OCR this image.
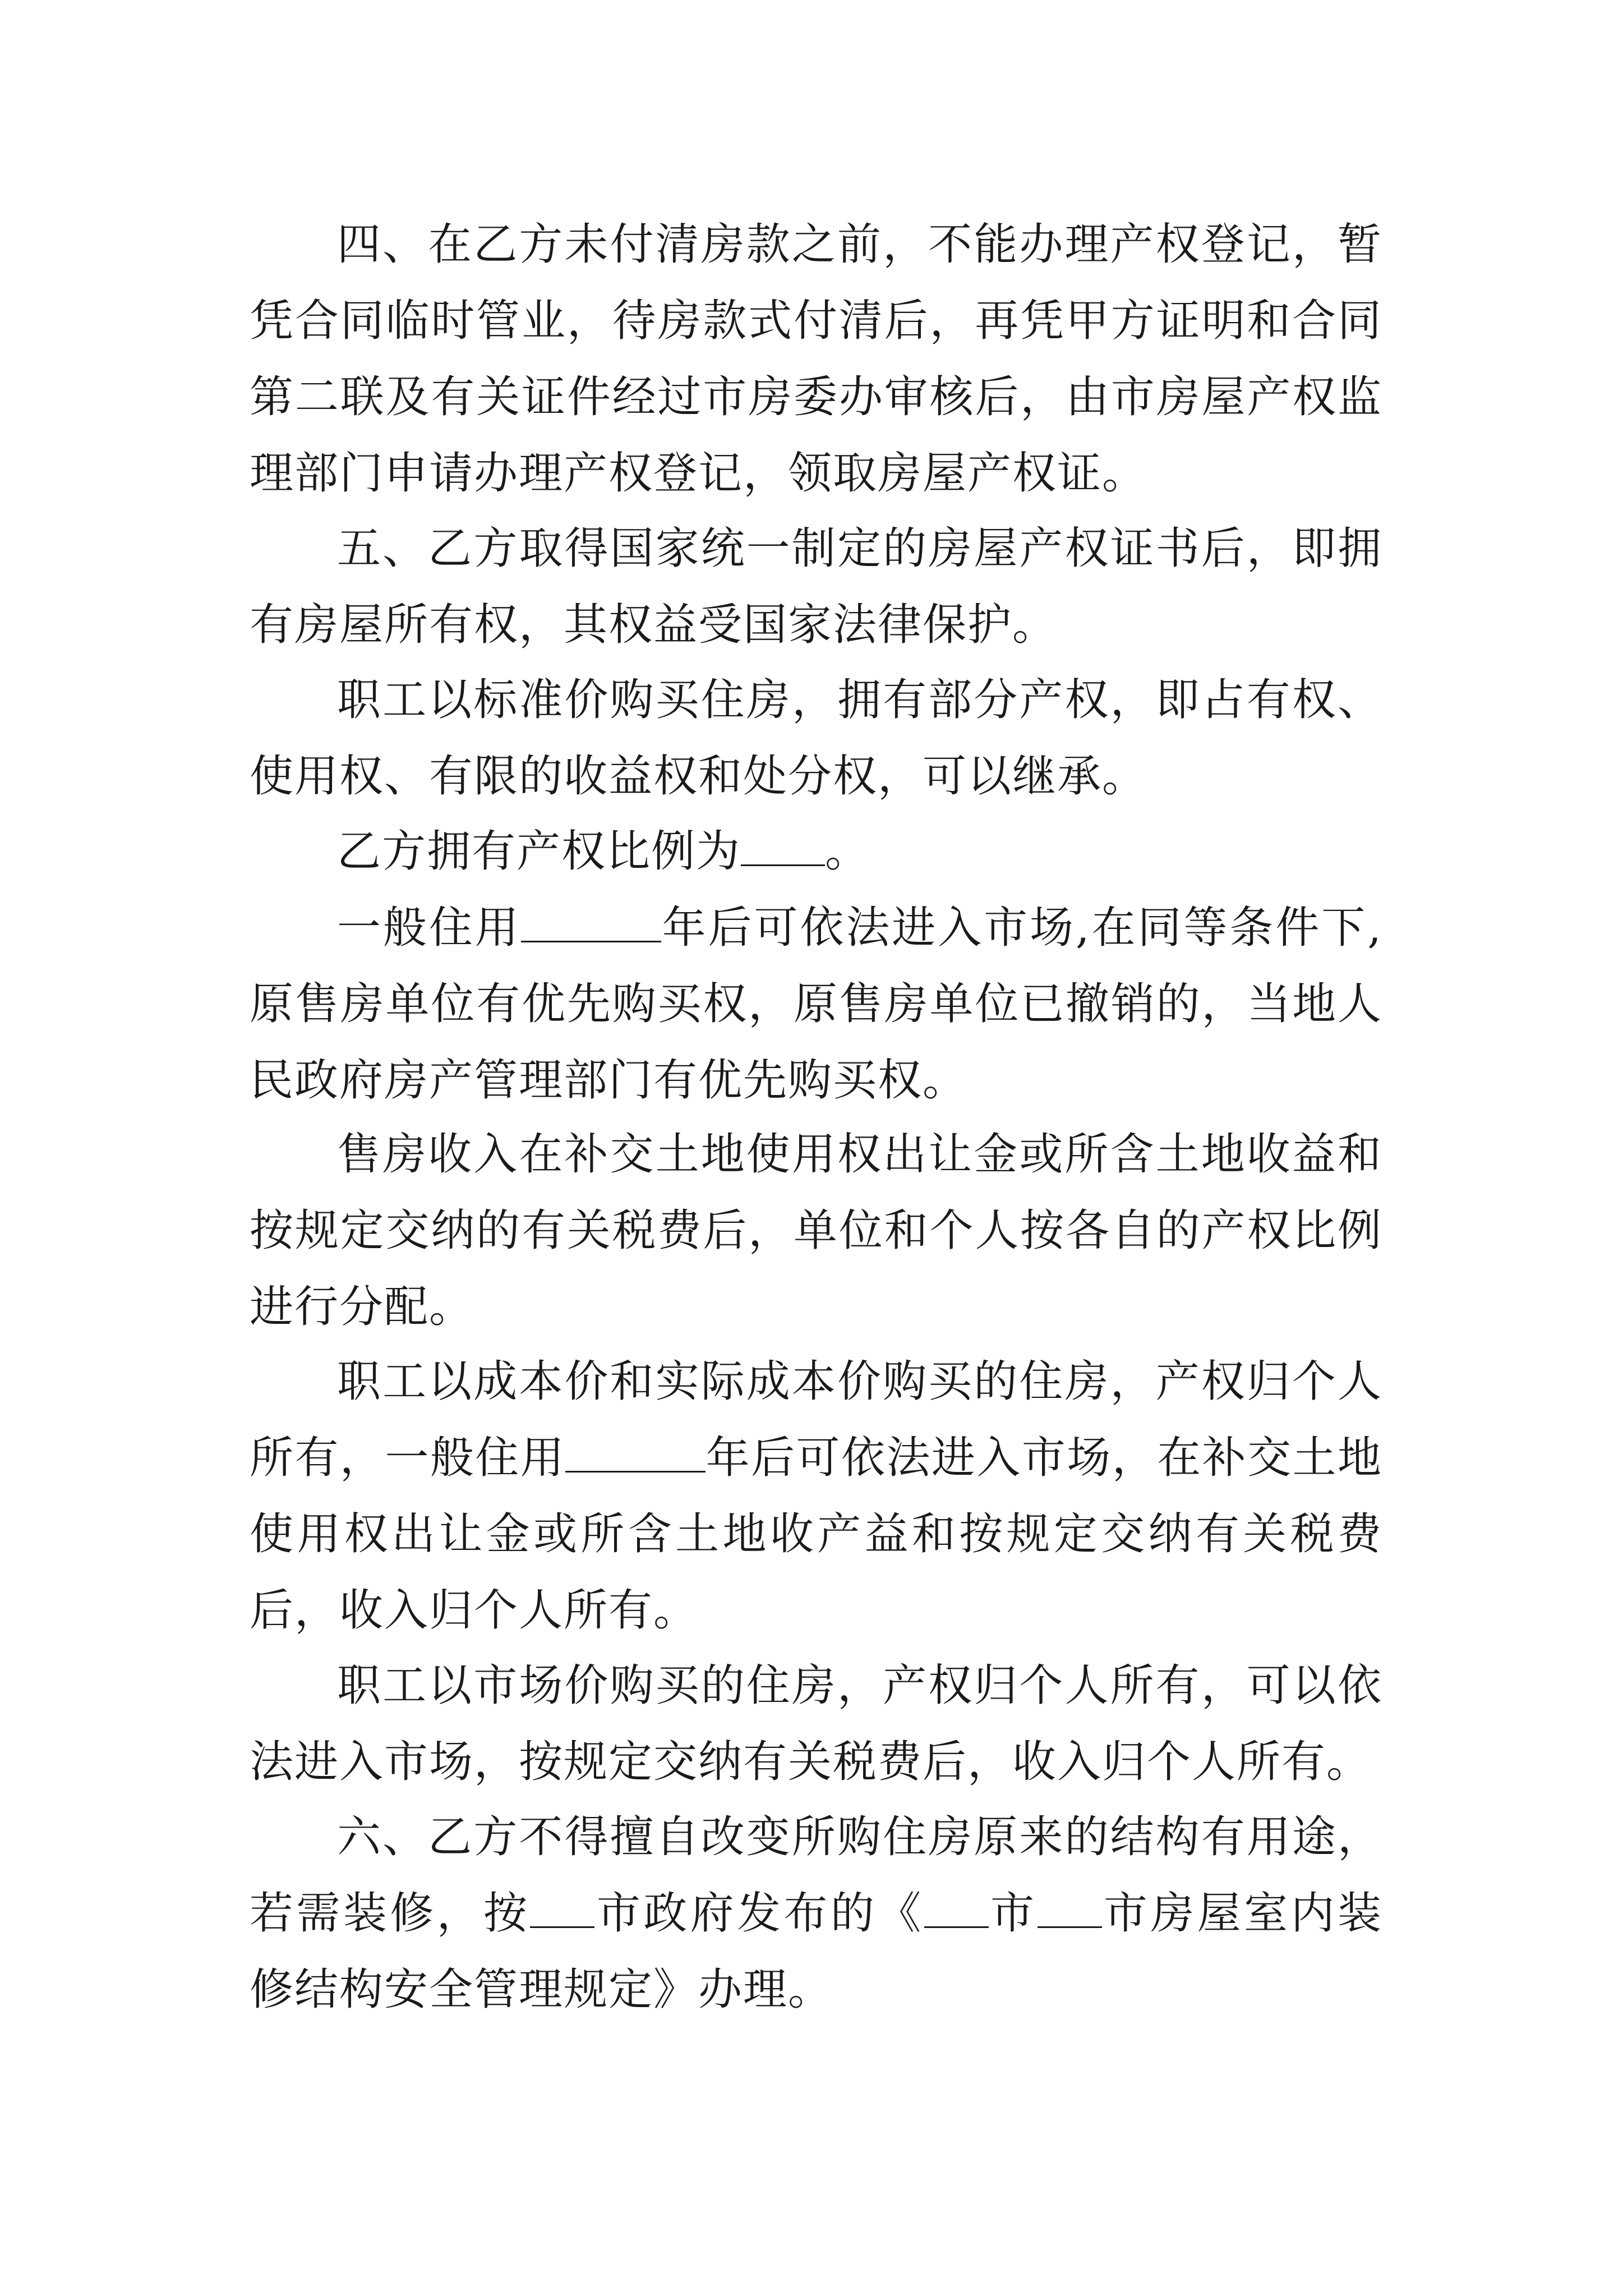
四、在乙方未付清房款之前，不能办理产权登记，暂凭合同临时管业，待房款式付清后，再凭甲方证明和合同第二联及有关证件经过市房委办审核后，由市房屋产权监理部门申请办理产权登记，领取房屋产权证。

五、乙方取得国家统一制定的房屋产权证书后，即拥有房屋所有权，其权益受国家法律保护。

职工以标准价购买住房，拥有部分产权，即占有权、使用权、有限的收益权和处分权，可以继承。

乙方拥有产权比例为 。

一般住用	年后可依法进入市场,在同等条件下,原售房单位有优先购买权，原售房单位已撤销的，当地人民政府房产管理部门有优先购买权。

售房收入在补交土地使用权出让金或所含土地收益和按规定交纳的有关税费后，单位和个人按各自的产权比例进行分配。

职工以成本价和实际成本价购买的住房，产权归个人所有，一般住用	年后可依法进入市场，在补交土地使用权出让金或所含土地收产益和按规定交纳有关税费后，收入归个人所有。

职工以市场价购买的住房，产权归个人所有，可以依法进入市场，按规定交纳有关税费后，收入归个人所有。

六、乙方不得擅自改变所购住房原来的结构有用途，若需装修，按 市政府发布的《 市 市房屋室内装修结构安全管理规定》办理。
